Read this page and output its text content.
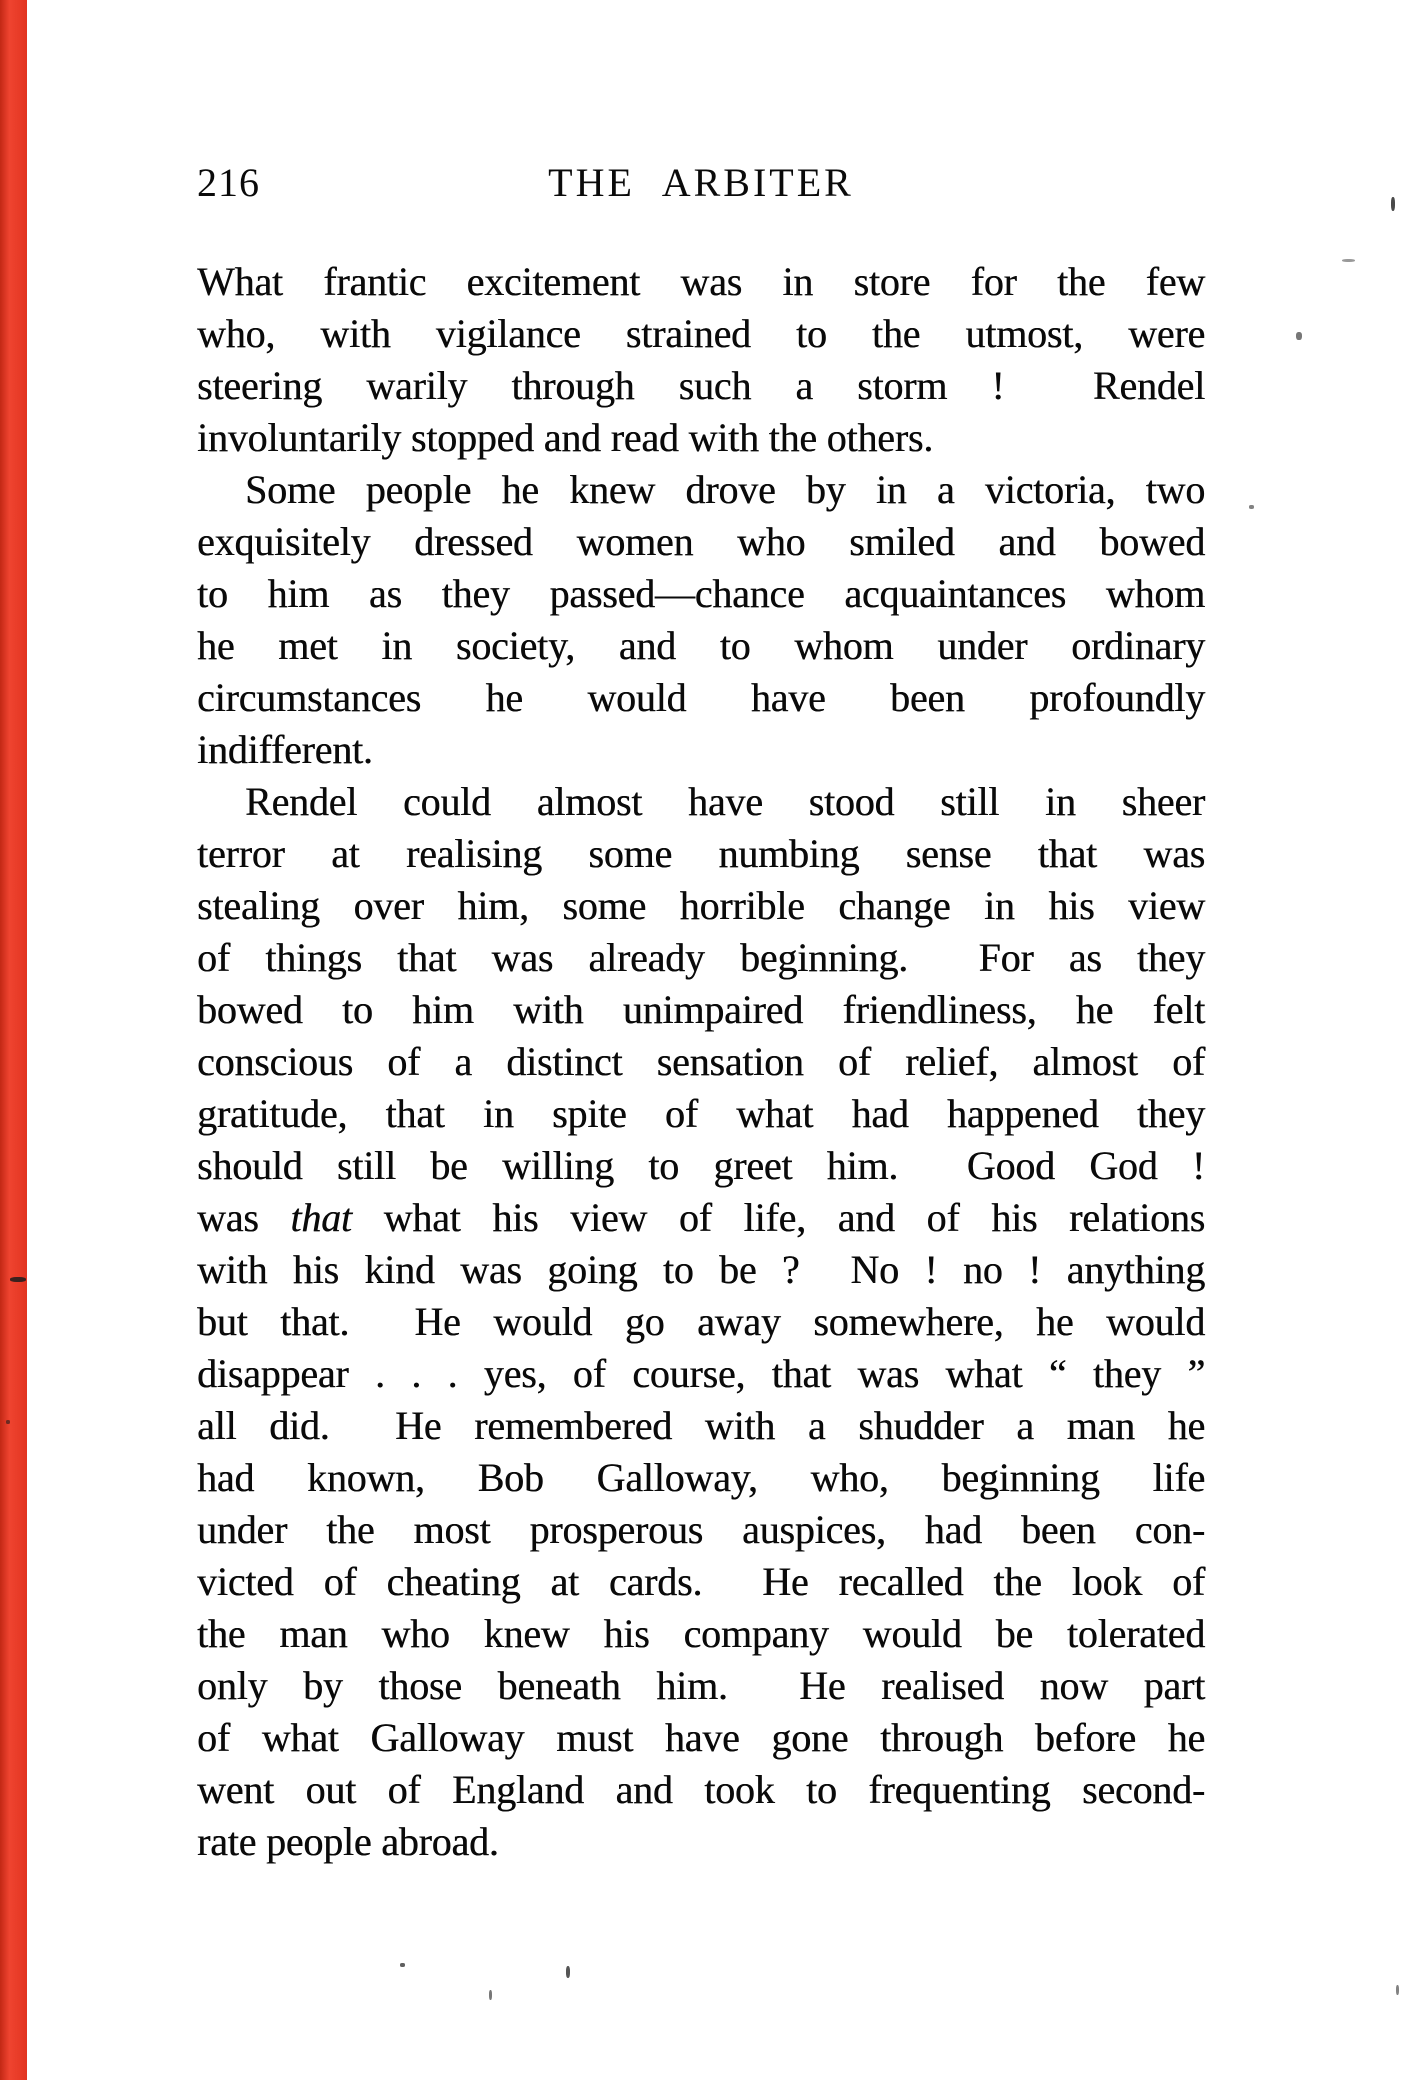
216	THE ARBITER
What frantic excitement was in store for the few
who, with vigilance strained to the utmost, were
steering warily through such a storm !  Rendel
involuntarily stopped and read with the others.
Some people he knew drove by in a victoria, two
exquisitely dressed women who smiled and bowed
to him as they passed—chance acquaintances whom
he met in society, and to whom under ordinary
circumstances he would have been profoundly
indifferent.
Rendel could almost have stood still in sheer
terror at realising some numbing sense that was
stealing over him, some horrible change in his view
of things that was already beginning.  For as they
bowed to him with unimpaired friendliness, he felt
conscious of a distinct sensation of relief, almost of
gratitude, that in spite of what had happened they
should still be willing to greet him.  Good God !
was that what his view of life, and of his relations
with his kind was going to be ?  No ! no ! anything
but that.  He would go away somewhere, he would
disappear . . . yes, of course, that was what “ they ”
all did.  He remembered with a shudder a man he
had known, Bob Galloway, who, beginning life
under the most prosperous auspices, had been con-
victed of cheating at cards.  He recalled the look of
the man who knew his company would be tolerated
only by those beneath him.  He realised now part
of what Galloway must have gone through before he
went out of England and took to frequenting second-
rate people abroad.
